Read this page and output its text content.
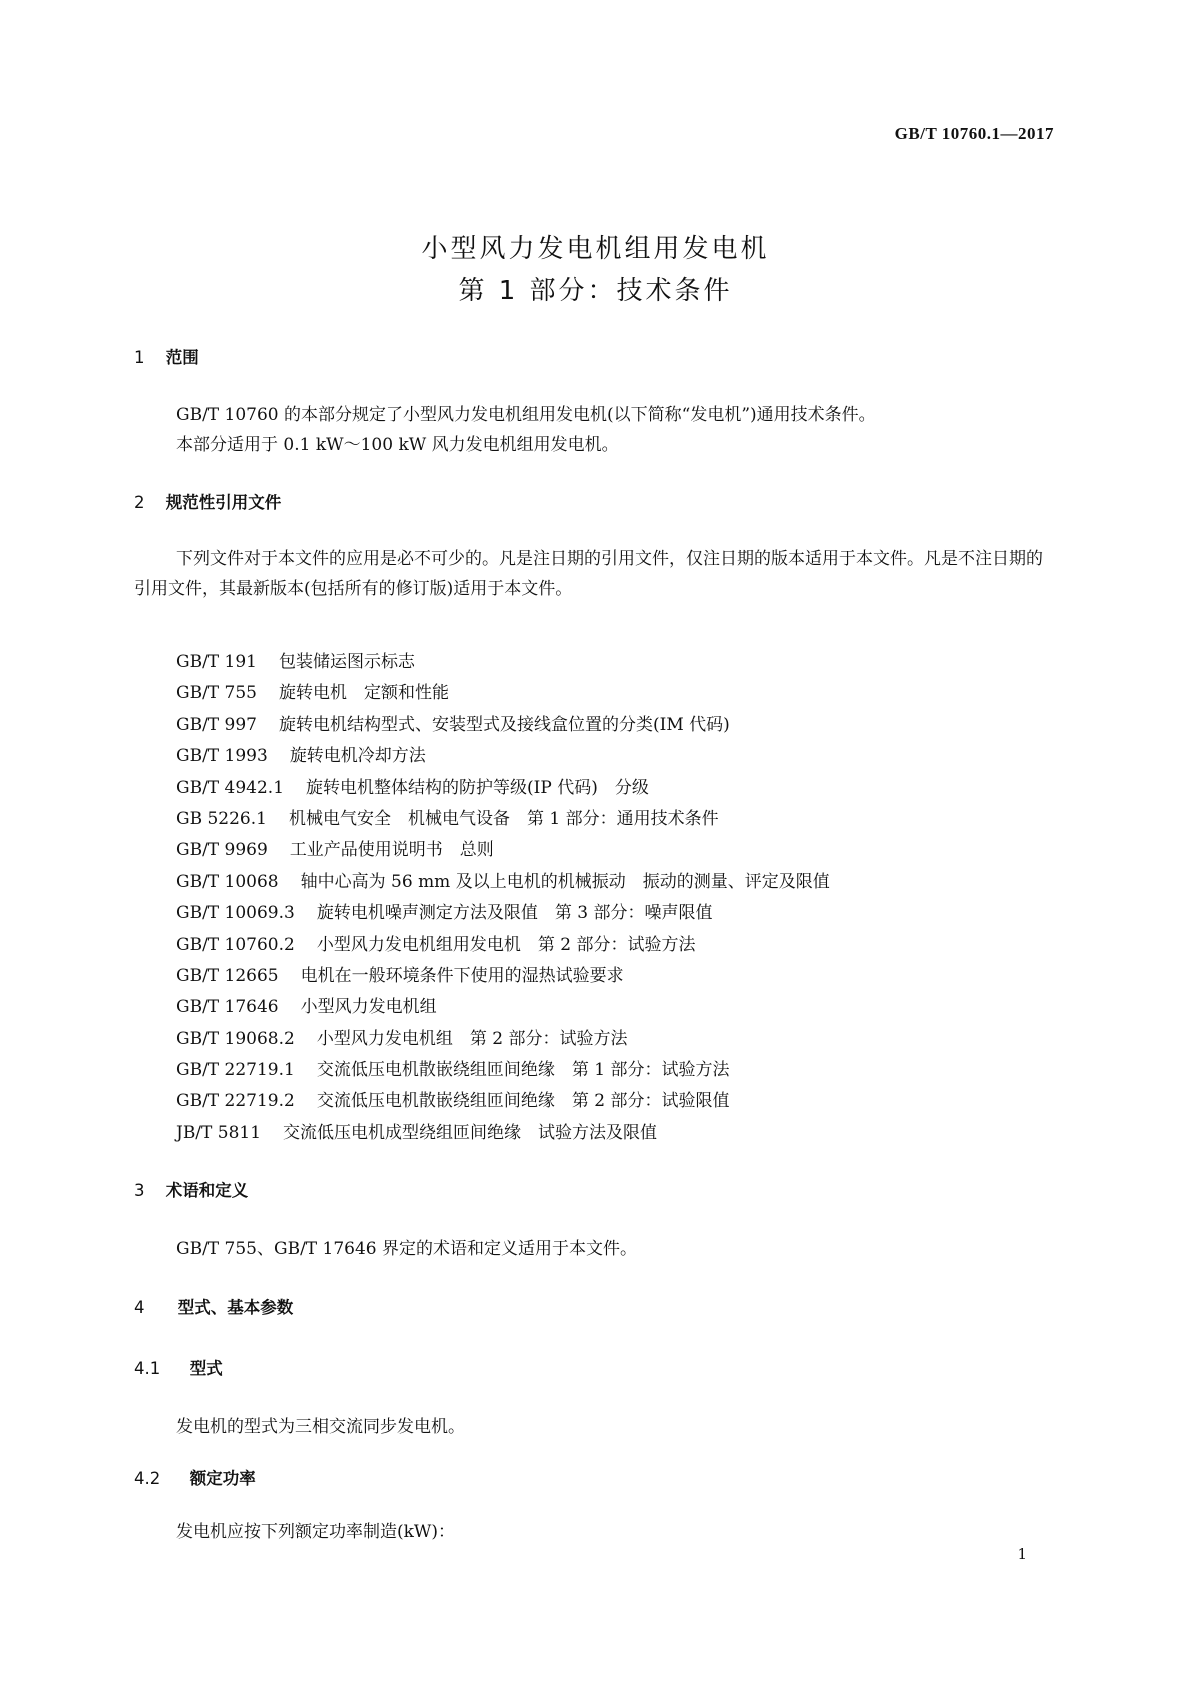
GB/T 10760.1—2017
小型风力发电机组用发电机
第 1 部分：技术条件
1 范围
GB/T 10760 的本部分规定了小型风力发电机组用发电机(以下简称“发电机”)通用技术条件。
本部分适用于 0.1 kW～100 kW 风力发电机组用发电机。
2 规范性引用文件
下列文件对于本文件的应用是必不可少的。凡是注日期的引用文件，仅注日期的版本适用于本文件。凡是不注日期的引用文件，其最新版本(包括所有的修订版)适用于本文件。
GB/T 191 包装储运图示标志
GB/T 755 旋转电机　定额和性能
GB/T 997 旋转电机结构型式、安装型式及接线盒位置的分类(IM 代码)
GB/T 1993 旋转电机冷却方法
GB/T 4942.1 旋转电机整体结构的防护等级(IP 代码)　分级
GB 5226.1 机械电气安全　机械电气设备　第 1 部分：通用技术条件
GB/T 9969 工业产品使用说明书　总则
GB/T 10068 轴中心高为 56 mm 及以上电机的机械振动　振动的测量、评定及限值
GB/T 10069.3 旋转电机噪声测定方法及限值　第 3 部分：噪声限值
GB/T 10760.2 小型风力发电机组用发电机　第 2 部分：试验方法
GB/T 12665 电机在一般环境条件下使用的湿热试验要求
GB/T 17646 小型风力发电机组
GB/T 19068.2 小型风力发电机组　第 2 部分：试验方法
GB/T 22719.1 交流低压电机散嵌绕组匝间绝缘　第 1 部分：试验方法
GB/T 22719.2 交流低压电机散嵌绕组匝间绝缘　第 2 部分：试验限值
JB/T 5811 交流低压电机成型绕组匝间绝缘　试验方法及限值
3 术语和定义
GB/T 755、GB/T 17646 界定的术语和定义适用于本文件。
4 型式、基本参数
4.1 型式
发电机的型式为三相交流同步发电机。
4.2 额定功率
发电机应按下列额定功率制造(kW)：
1
